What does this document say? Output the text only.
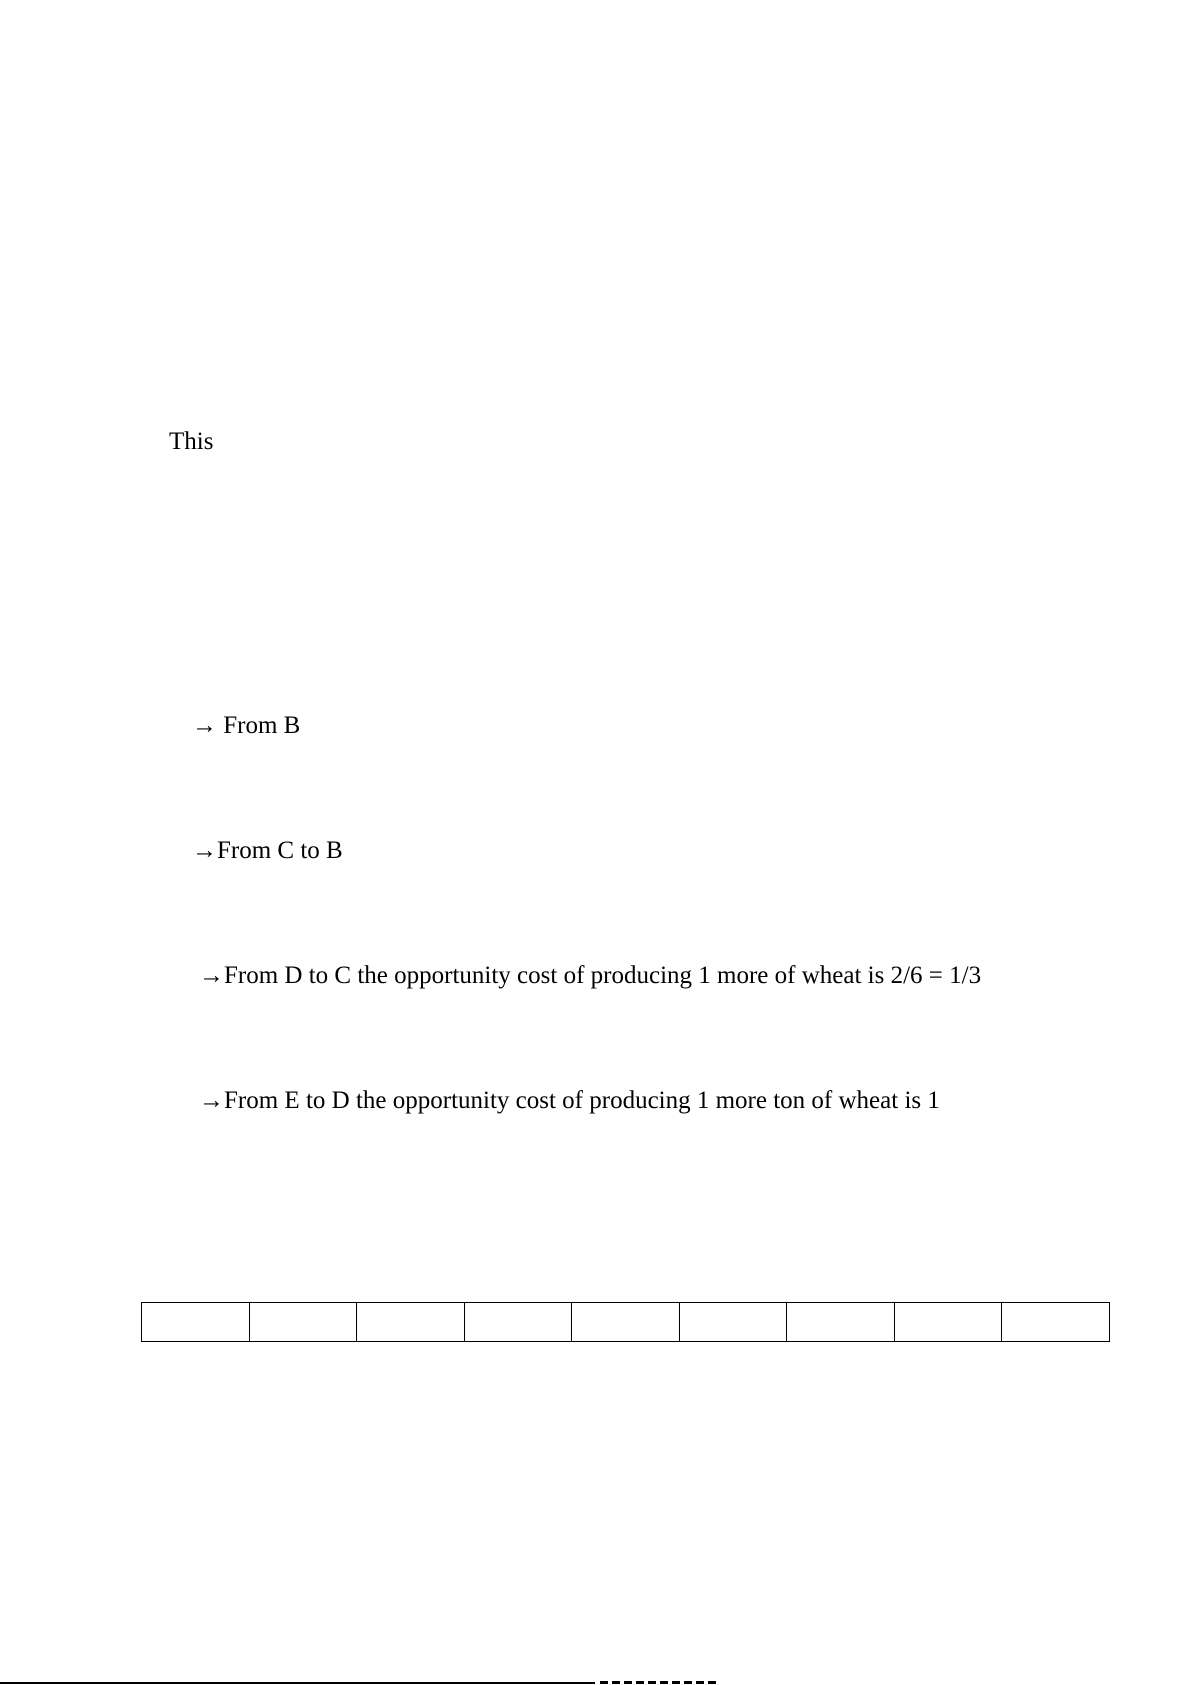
This

→ From B

→From C to B

→From D to C the opportunity cost of producing 1 more of wheat is 2/6 = 1/3

→From E to D the opportunity cost of producing 1 more ton of wheat is 1
